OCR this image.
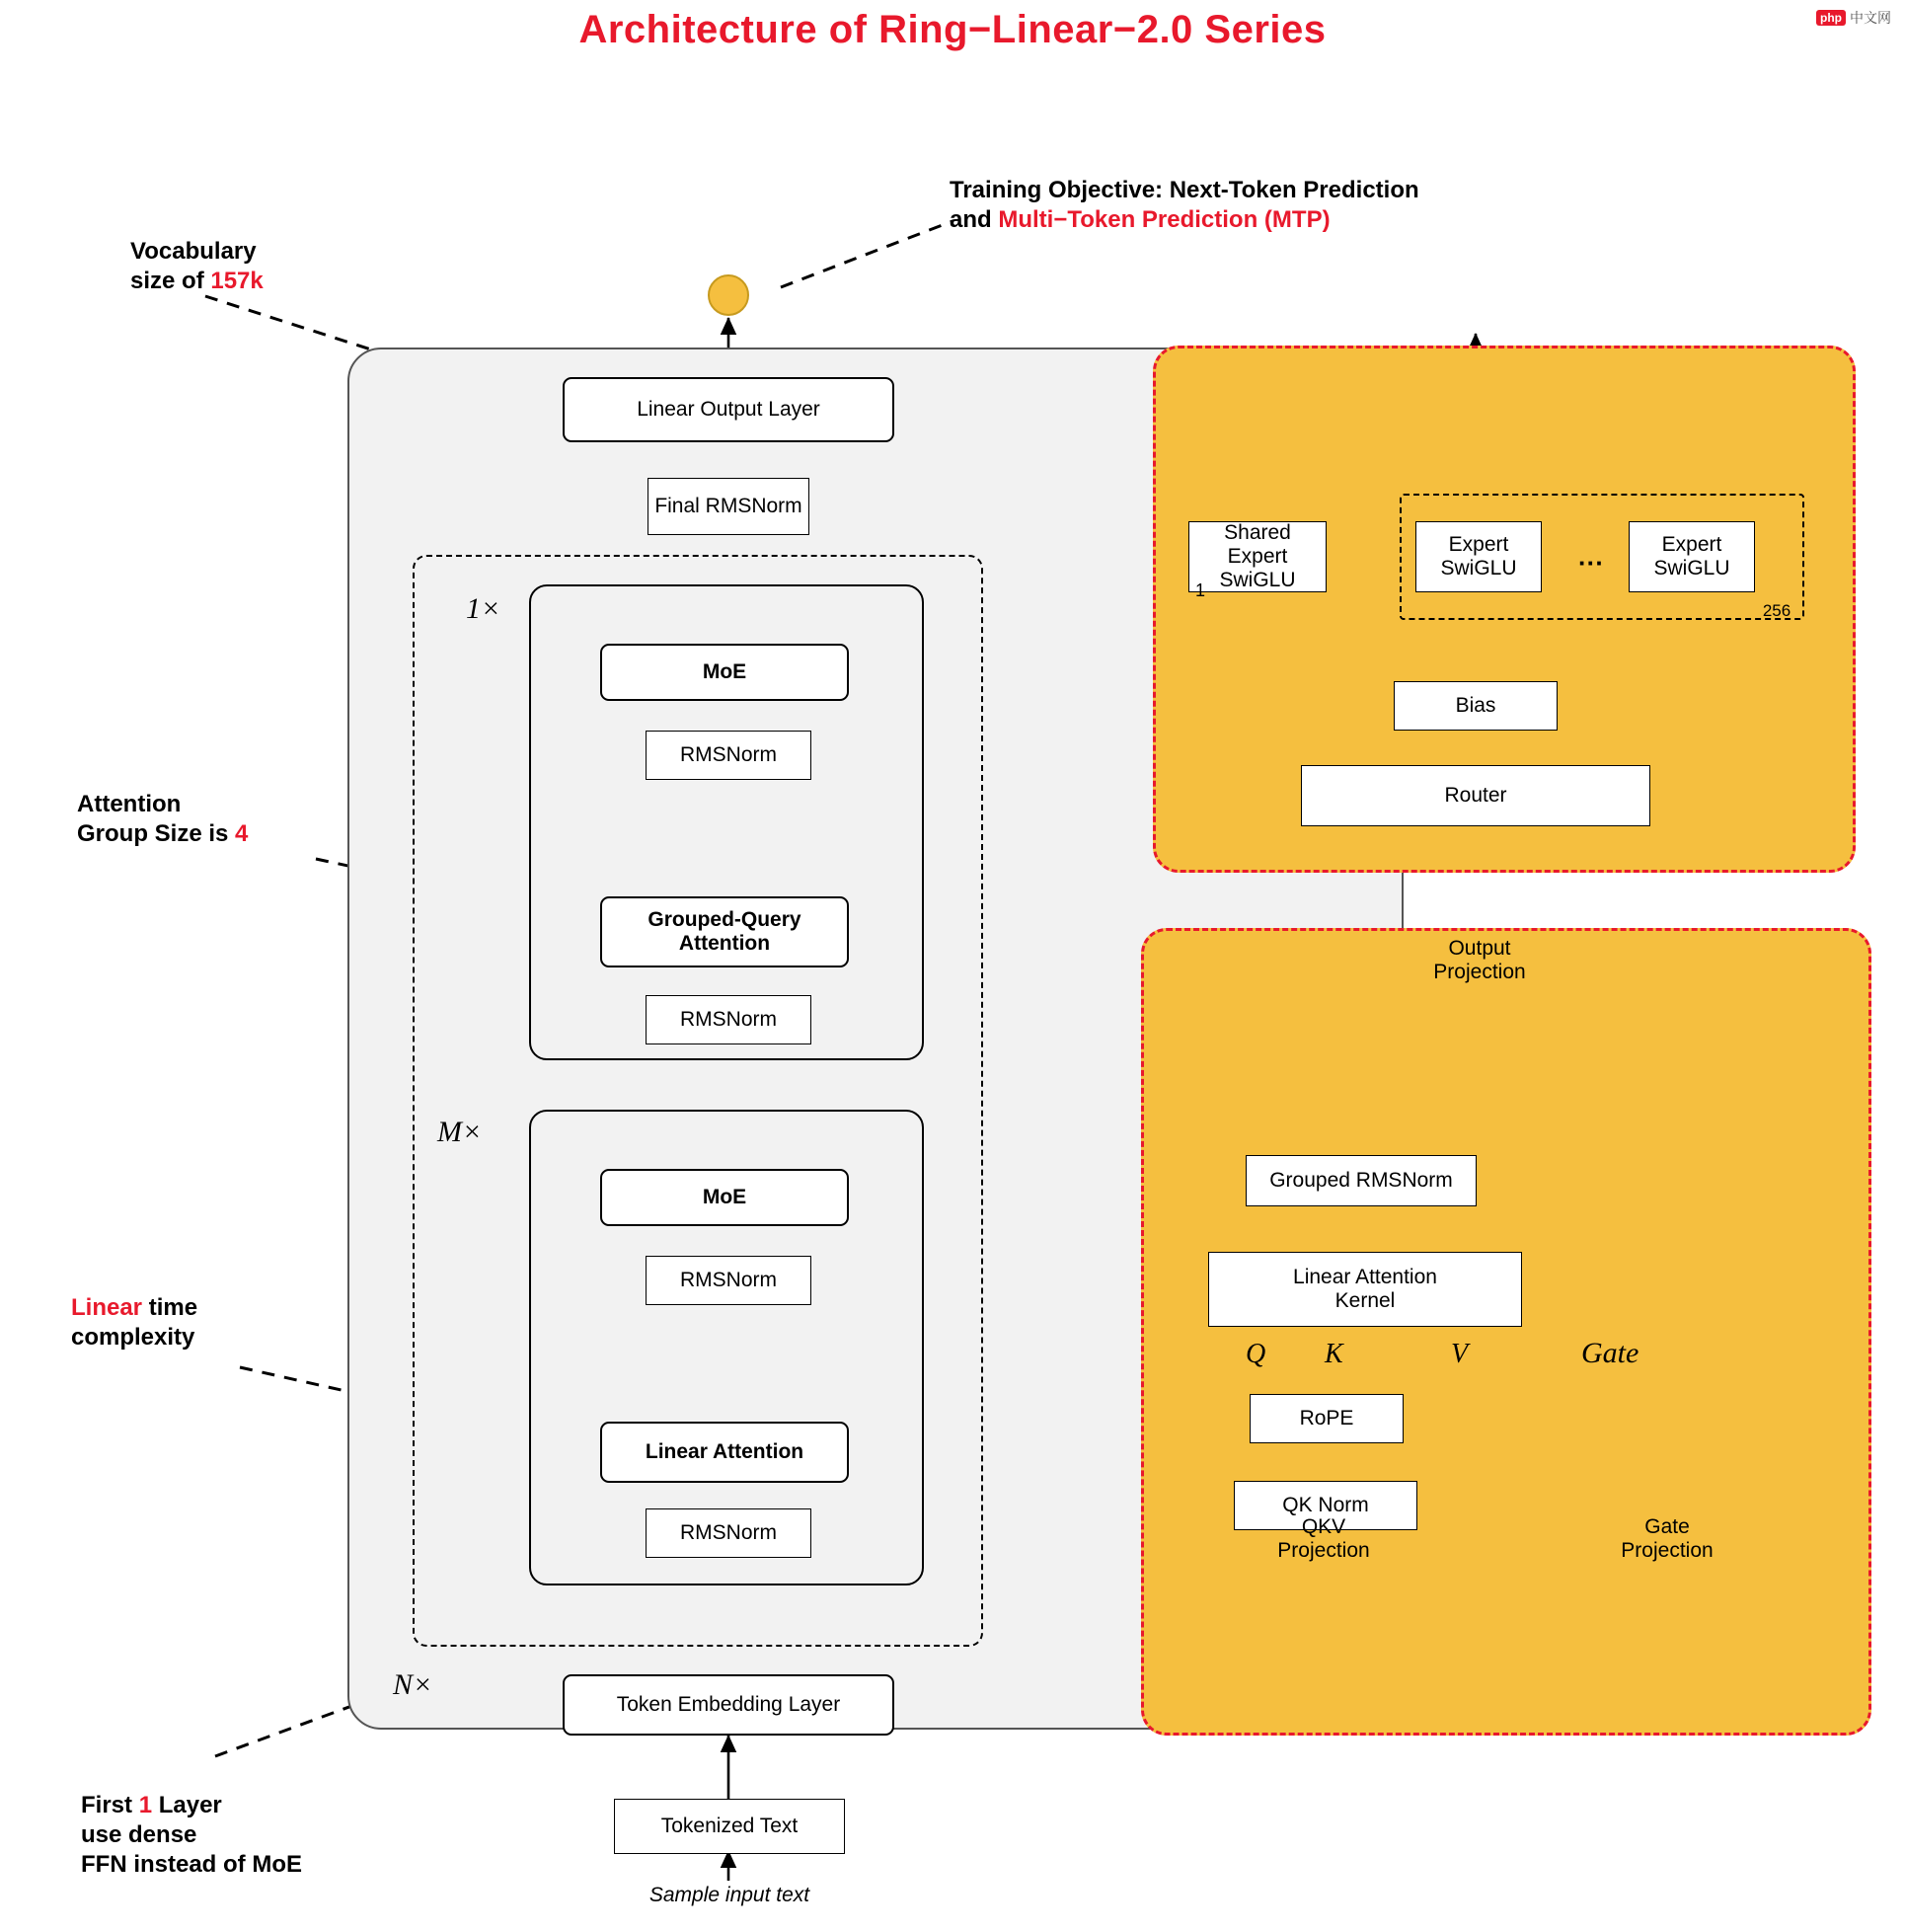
Architecture of Ring−Linear−2.0 Series	php 中文网
Training Objective: Next-Token Prediction
and Multi−Token Prediction (MTP)
Vocabulary
size of 157k
Attention
Group Size is 4
Linear time
complexity
First 1 Layer
use dense
FFN instead of MoE
Linear Output Layer
Final RMSNorm
1×
M×
N×
MoE
RMSNorm
Grouped-Query
Attention
RMSNorm
MoE
RMSNorm
Linear Attention
RMSNorm
Token Embedding Layer
Tokenized Text
Sample input text
Shared Expert
SwiGLU
1
Expert
SwiGLU	···
Expert
SwiGLU
256
Bias
Router
Output
Projection
Grouped RMSNorm
Linear Attention
Kernel
Q K	V	Gate
RoPE
QK Norm
QKV
Projection
Gate
Projection
